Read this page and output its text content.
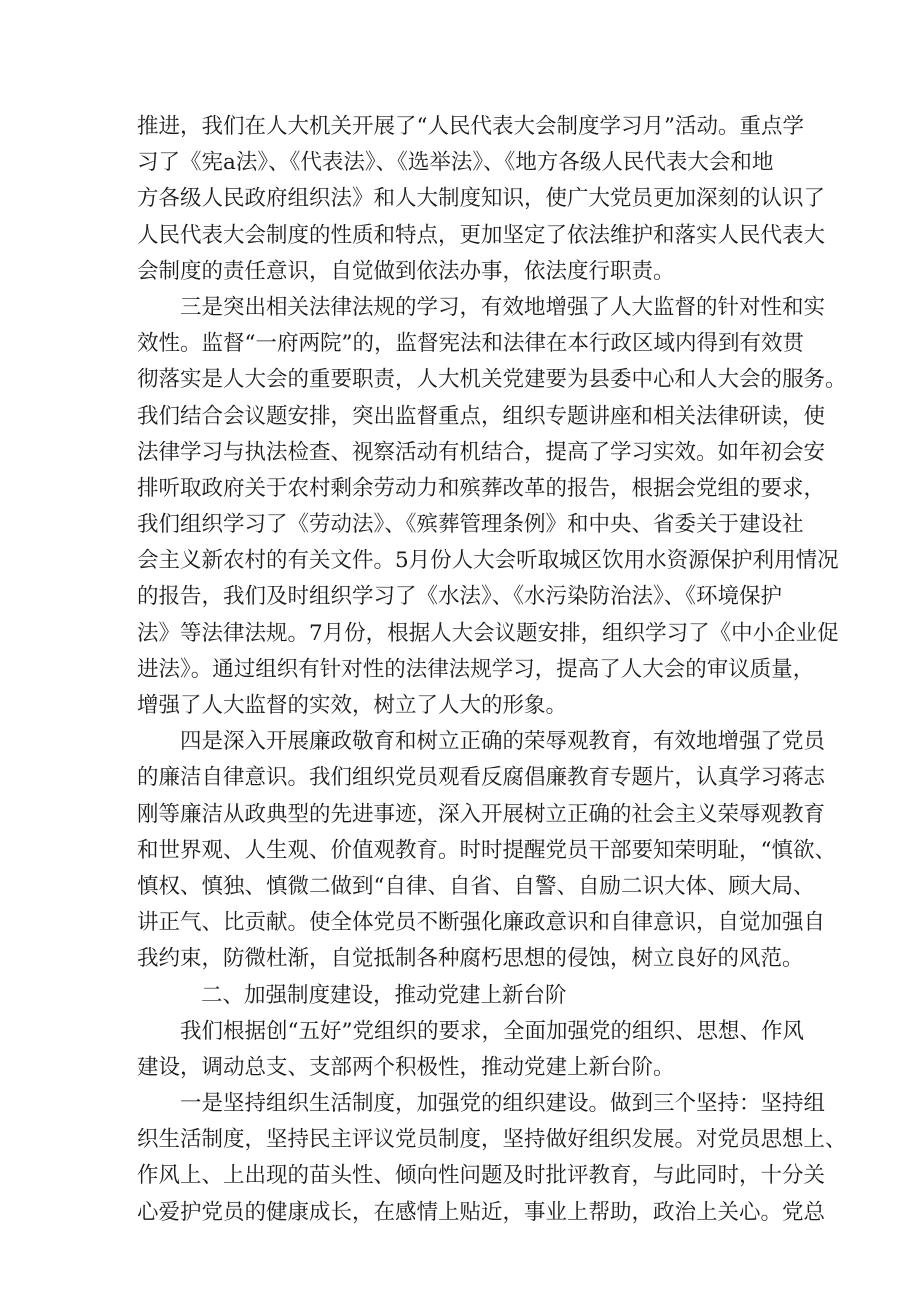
推进，我们在人大机关开展了“人民代表大会制度学习月”活动。重点学
习了《宪a法》、《代表法》、《选举法》、《地方各级人民代表大会和地
方各级人民政府组织法》和人大制度知识，使广大党员更加深刻的认识了
人民代表大会制度的性质和特点，更加坚定了依法维护和落实人民代表大
会制度的责任意识，自觉做到依法办事，依法度行职责。
三是突出相关法律法规的学习，有效地增强了人大监督的针对性和实
效性。监督“一府两院”的，监督宪法和法律在本行政区域内得到有效贯
彻落实是人大会的重要职责，人大机关党建要为县委中心和人大会的服务。
我们结合会议题安排，突出监督重点，组织专题讲座和相关法律研读，使
法律学习与执法检查、视察活动有机结合，提高了学习实效。如年初会安
排听取政府关于农村剩余劳动力和殡葬改革的报告，根据会党组的要求，
我们组织学习了《劳动法》、《殡葬管理条例》和中央、省委关于建设社
会主义新农村的有关文件。5月份人大会听取城区饮用水资源保护利用情况
的报告，我们及时组织学习了《水法》、《水污染防治法》、《环境保护
法》等法律法规。7月份，根据人大会议题安排，组织学习了《中小企业促
进法》。通过组织有针对性的法律法规学习，提高了人大会的审议质量，
增强了人大监督的实效，树立了人大的形象。
四是深入开展廉政敬育和树立正确的荣辱观教育，有效地增强了党员
的廉洁自律意识。我们组织党员观看反腐倡廉教育专题片，认真学习蒋志
刚等廉洁从政典型的先进事迹，深入开展树立正确的社会主义荣辱观教育
和世界观、人生观、价值观教育。时时提醒党员干部要知荣明耻，“慎欲、
慎权、慎独、慎微二做到“自律、自省、自警、自励二识大体、顾大局、
讲正气、比贡献。使全体党员不断强化廉政意识和自律意识，自觉加强自
我约束，防微杜渐，自觉抵制各种腐朽思想的侵蚀，树立良好的风范。
二、加强制度建设，推动党建上新台阶
我们根据创“五好”党组织的要求，全面加强党的组织、思想、作风
建设，调动总支、支部两个积极性，推动党建上新台阶。
一是坚持组织生活制度，加强党的组织建设。做到三个坚持：坚持组
织生活制度，坚持民主评议党员制度，坚持做好组织发展。对党员思想上、
作风上、上出现的苗头性、倾向性问题及时批评教育，与此同时，十分关
心爱护党员的健康成长，在感情上贴近，事业上帮助，政治上关心。党总
